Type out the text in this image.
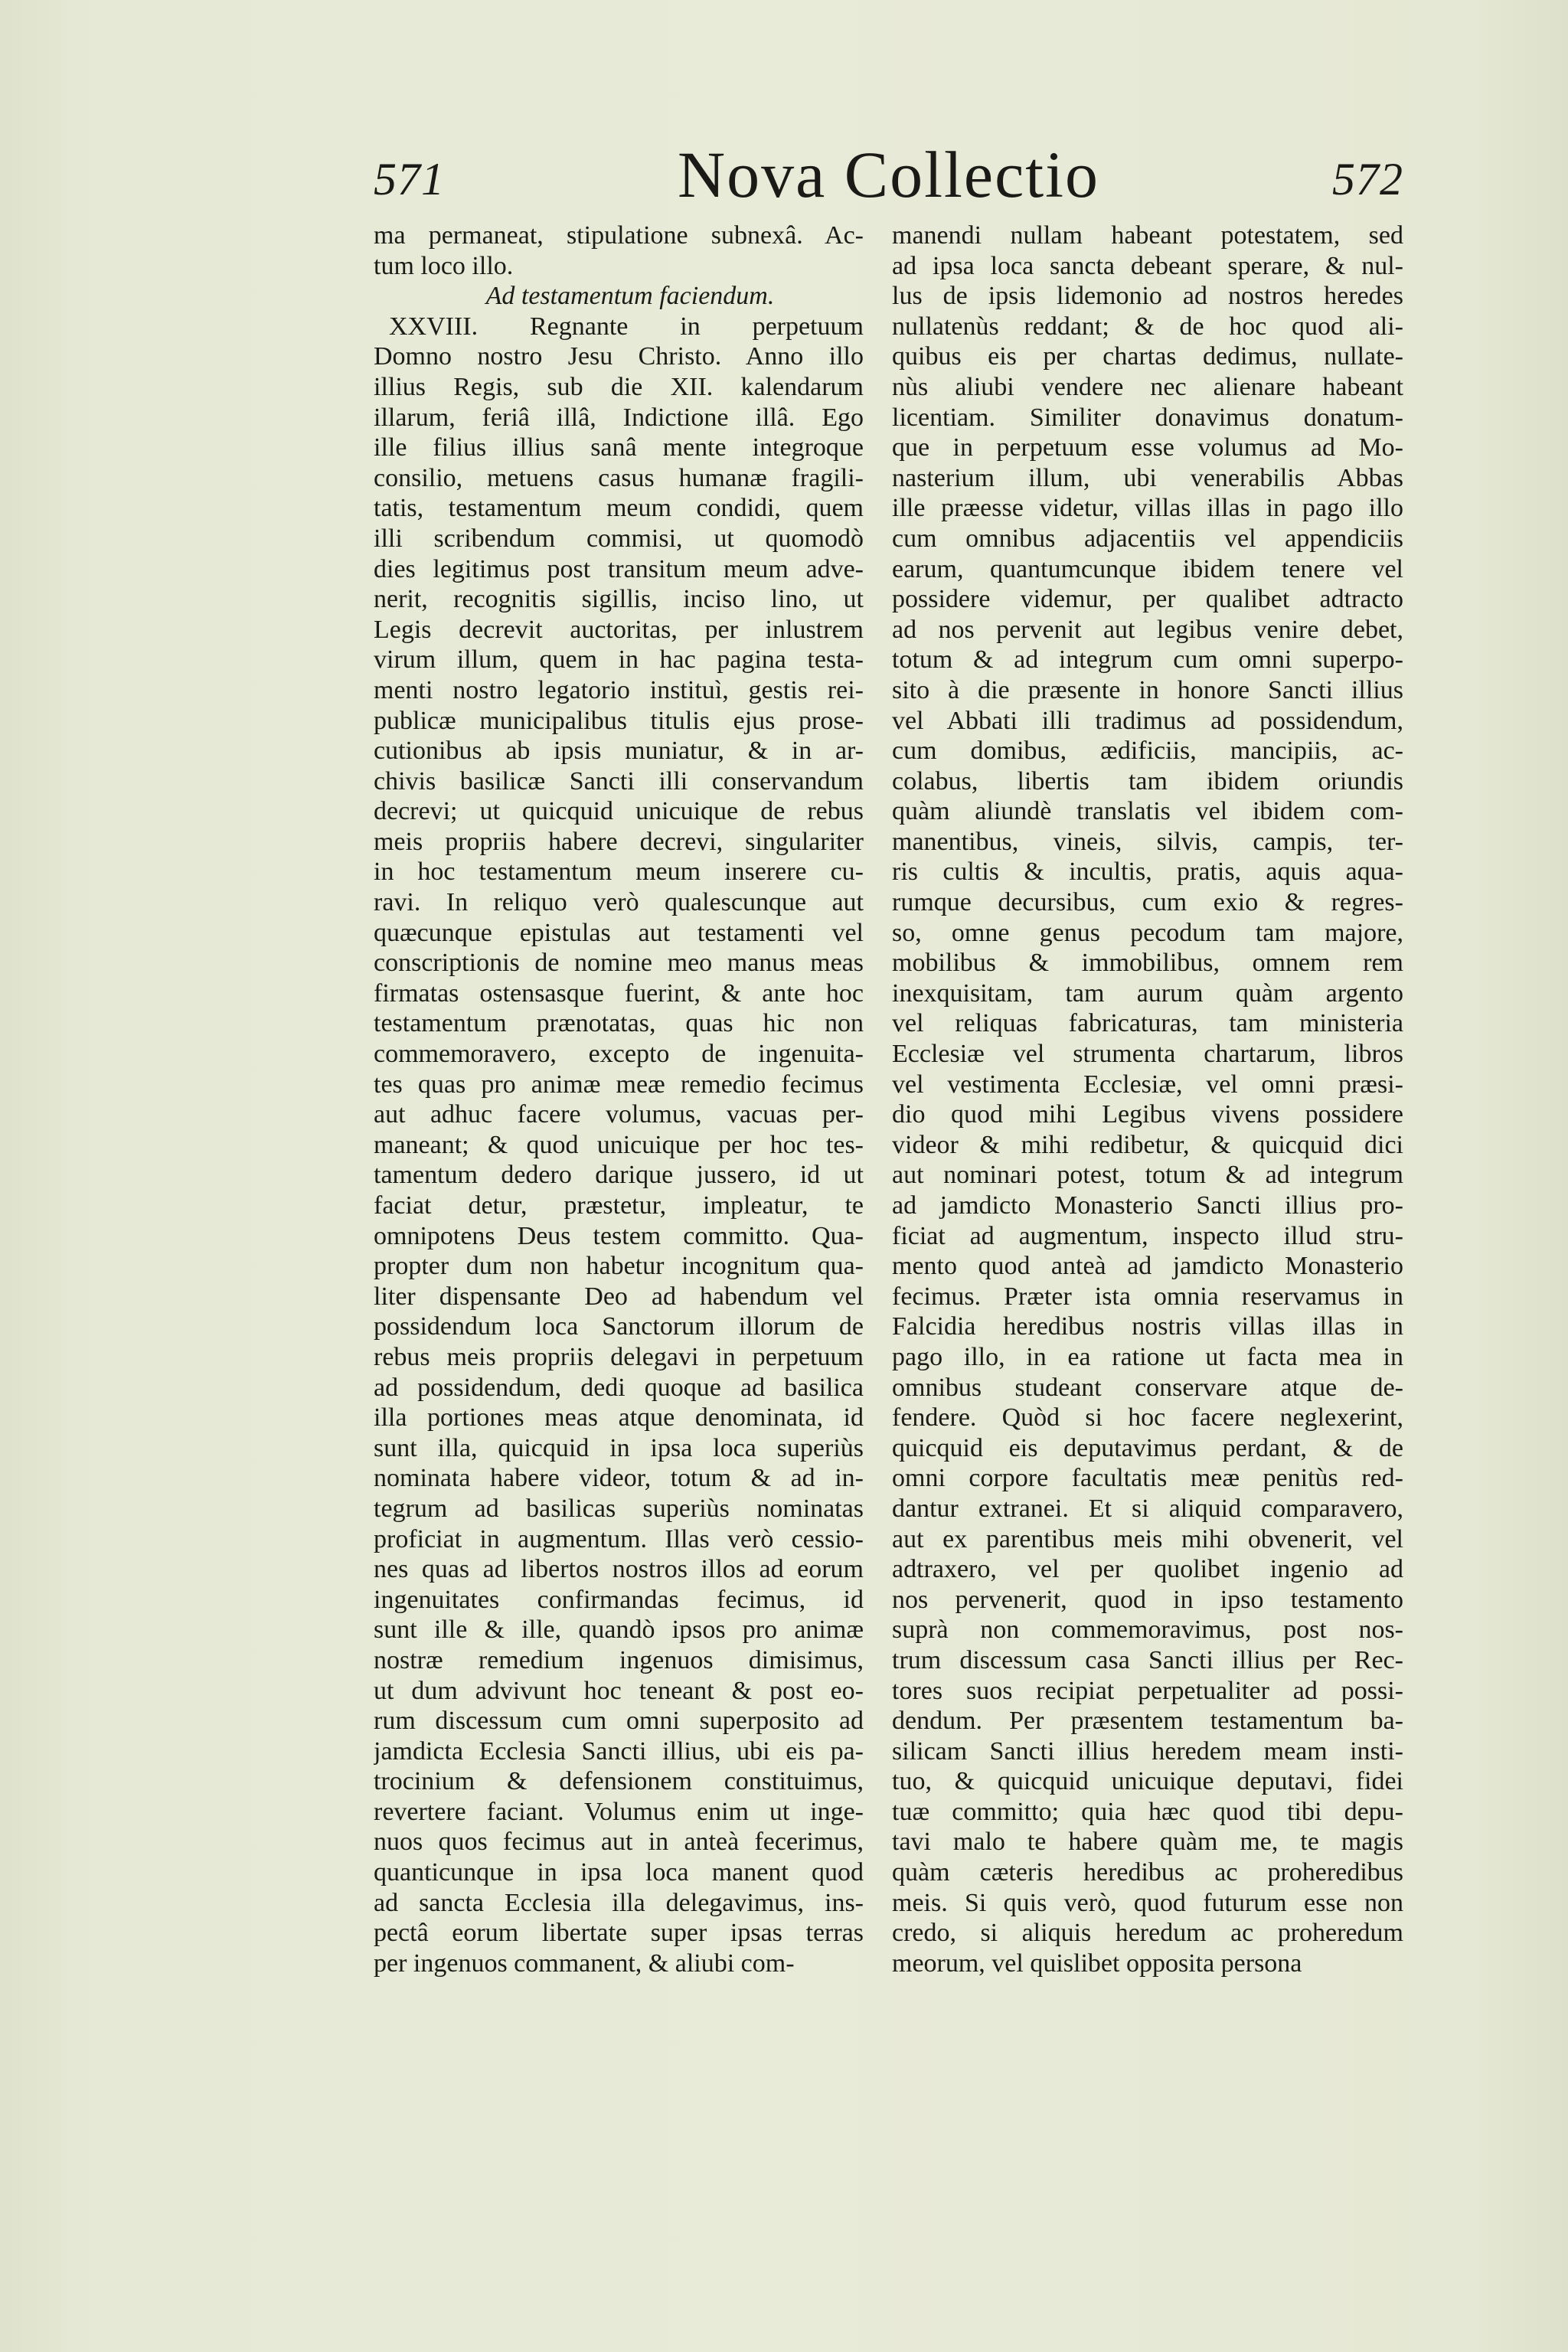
571	Nova Collectio	572
ma permaneat, stipulatione subnexâ. Ac-
tum loco illo.
Ad testamentum faciendum.
XXVIII. Regnante in perpetuum
Domno nostro Jesu Christo. Anno illo
illius Regis, sub die XII. kalendarum
illarum, feriâ illâ, Indictione illâ. Ego
ille filius illius sanâ mente integroque
consilio, metuens casus humanæ fragili-
tatis, testamentum meum condidi, quem
illi scribendum commisi, ut quomodò
dies legitimus post transitum meum adve-
nerit, recognitis sigillis, inciso lino, ut
Legis decrevit auctoritas, per inlustrem
virum illum, quem in hac pagina testa-
menti nostro legatorio instituì, gestis rei-
publicæ municipalibus titulis ejus prose-
cutionibus ab ipsis muniatur, & in ar-
chivis basilicæ Sancti illi conservandum
decrevi; ut quicquid unicuique de rebus
meis propriis habere decrevi, singulariter
in hoc testamentum meum inserere cu-
ravi. In reliquo verò qualescunque aut
quæcunque epistulas aut testamenti vel
conscriptionis de nomine meo manus meas
firmatas ostensasque fuerint, & ante hoc
testamentum prænotatas, quas hic non
commemoravero, excepto de ingenuita-
tes quas pro animæ meæ remedio fecimus
aut adhuc facere volumus, vacuas per-
maneant; & quod unicuique per hoc tes-
tamentum dedero darique jussero, id ut
faciat detur, præstetur, impleatur, te
omnipotens Deus testem committo. Qua-
propter dum non habetur incognitum qua-
liter dispensante Deo ad habendum vel
possidendum loca Sanctorum illorum de
rebus meis propriis delegavi in perpetuum
ad possidendum, dedi quoque ad basilica
illa portiones meas atque denominata, id
sunt illa, quicquid in ipsa loca superiùs
nominata habere videor, totum & ad in-
tegrum ad basilicas superiùs nominatas
proficiat in augmentum. Illas verò cessio-
nes quas ad libertos nostros illos ad eorum
ingenuitates confirmandas fecimus, id
sunt ille & ille, quandò ipsos pro animæ
nostræ remedium ingenuos dimisimus,
ut dum advivunt hoc teneant & post eo-
rum discessum cum omni superposito ad
jamdicta Ecclesia Sancti illius, ubi eis pa-
trocinium & defensionem constituimus,
revertere faciant. Volumus enim ut inge-
nuos quos fecimus aut in anteà fecerimus,
quanticunque in ipsa loca manent quod
ad sancta Ecclesia illa delegavimus, ins-
pectâ eorum libertate super ipsas terras
per ingenuos commanent, & aliubi com-
manendi nullam habeant potestatem, sed
ad ipsa loca sancta debeant sperare, & nul-
lus de ipsis lidemonio ad nostros heredes
nullatenùs reddant; & de hoc quod ali-
quibus eis per chartas dedimus, nullate-
nùs aliubi vendere nec alienare habeant
licentiam. Similiter donavimus donatum-
que in perpetuum esse volumus ad Mo-
nasterium illum, ubi venerabilis Abbas
ille præesse videtur, villas illas in pago illo
cum omnibus adjacentiis vel appendiciis
earum, quantumcunque ibidem tenere vel
possidere videmur, per qualibet adtracto
ad nos pervenit aut legibus venire debet,
totum & ad integrum cum omni superpo-
sito à die præsente in honore Sancti illius
vel Abbati illi tradimus ad possidendum,
cum domibus, ædificiis, mancipiis, ac-
colabus, libertis tam ibidem oriundis
quàm aliundè translatis vel ibidem com-
manentibus, vineis, silvis, campis, ter-
ris cultis & incultis, pratis, aquis aqua-
rumque decursibus, cum exio & regres-
so, omne genus pecodum tam majore,
mobilibus & immobilibus, omnem rem
inexquisitam, tam aurum quàm argento
vel reliquas fabricaturas, tam ministeria
Ecclesiæ vel strumenta chartarum, libros
vel vestimenta Ecclesiæ, vel omni præsi-
dio quod mihi Legibus vivens possidere
videor & mihi redibetur, & quicquid dici
aut nominari potest, totum & ad integrum
ad jamdicto Monasterio Sancti illius pro-
ficiat ad augmentum, inspecto illud stru-
mento quod anteà ad jamdicto Monasterio
fecimus. Præter ista omnia reservamus in
Falcidia heredibus nostris villas illas in
pago illo, in ea ratione ut facta mea in
omnibus studeant conservare atque de-
fendere. Quòd si hoc facere neglexerint,
quicquid eis deputavimus perdant, & de
omni corpore facultatis meæ penitùs red-
dantur extranei. Et si aliquid comparavero,
aut ex parentibus meis mihi obvenerit, vel
adtraxero, vel per quolibet ingenio ad
nos pervenerit, quod in ipso testamento
suprà non commemoravimus, post nos-
trum discessum casa Sancti illius per Rec-
tores suos recipiat perpetualiter ad possi-
dendum. Per præsentem testamentum ba-
silicam Sancti illius heredem meam insti-
tuo, & quicquid unicuique deputavi, fidei
tuæ committo; quia hæc quod tibi depu-
tavi malo te habere quàm me, te magis
quàm cæteris heredibus ac proheredibus
meis. Si quis verò, quod futurum esse non
credo, si aliquis heredum ac proheredum
meorum, vel quislibet opposita persona
